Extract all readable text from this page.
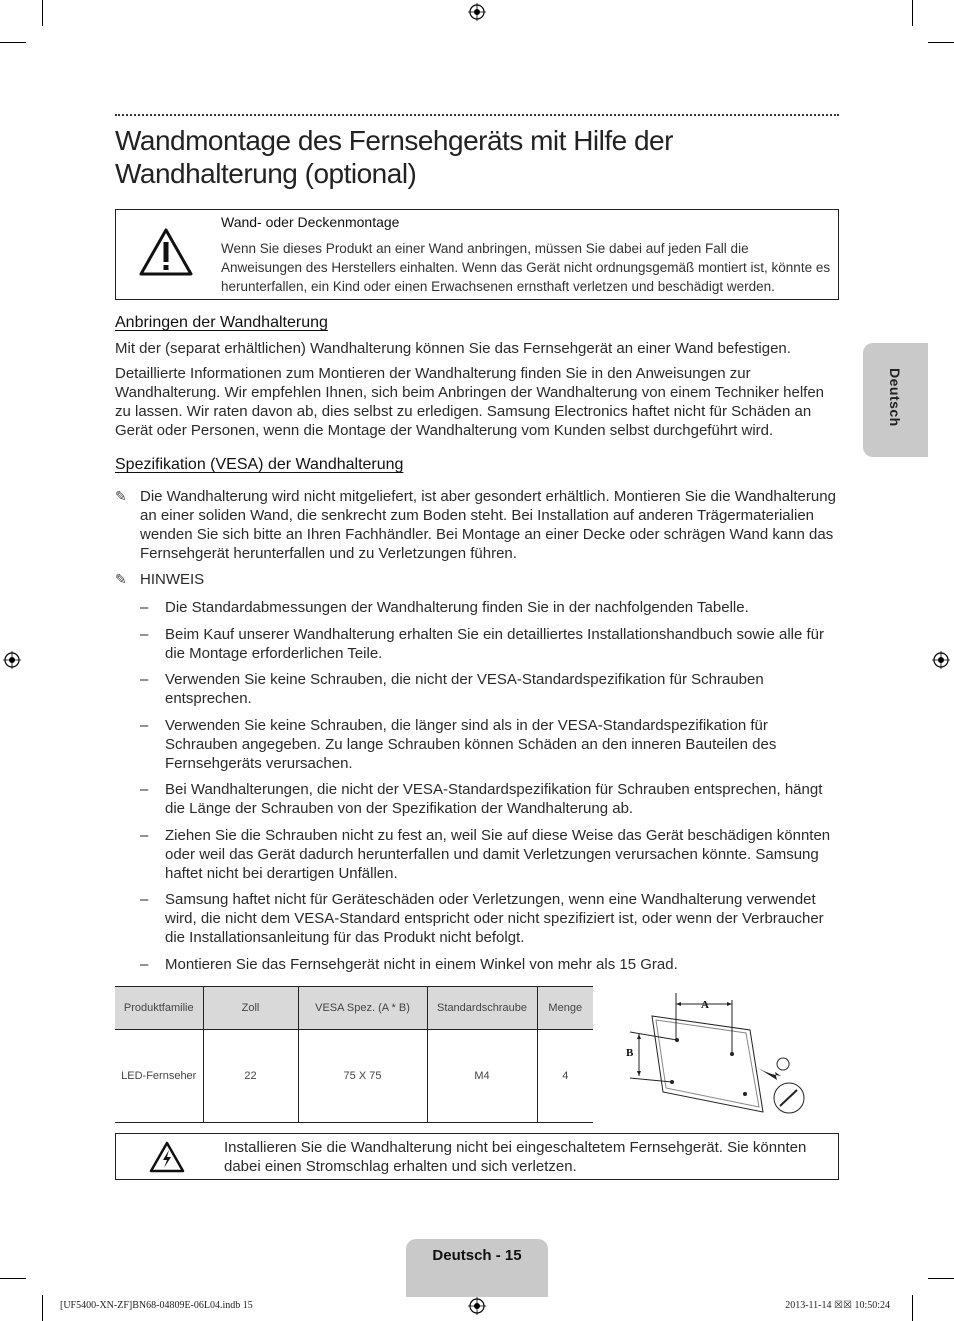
Wandmontage des Fernsehgeräts mit Hilfe der Wandhalterung (optional)
Wand- oder Deckenmontage
Wenn Sie dieses Produkt an einer Wand anbringen, müssen Sie dabei auf jeden Fall die Anweisungen des Herstellers einhalten. Wenn das Gerät nicht ordnungsgemäß montiert ist, könnte es herunterfallen, ein Kind oder einen Erwachsenen ernsthaft verletzen und beschädigt werden.
Anbringen der Wandhalterung

Mit der (separat erhältlichen) Wandhalterung können Sie das Fernsehgerät an einer Wand befestigen.

Detaillierte Informationen zum Montieren der Wandhalterung finden Sie in den Anweisungen zur Wandhalterung. Wir empfehlen Ihnen, sich beim Anbringen der Wandhalterung von einem Techniker helfen zu lassen. Wir raten davon ab, dies selbst zu erledigen. Samsung Electronics haftet nicht für Schäden an Gerät oder Personen, wenn die Montage der Wandhalterung vom Kunden selbst durchgeführt wird.

Spezifikation (VESA) der Wandhalterung
✎ Die Wandhalterung wird nicht mitgeliefert, ist aber gesondert erhältlich. Montieren Sie die Wandhalterung an einer soliden Wand, die senkrecht zum Boden steht. Bei Installation auf anderen Trägermaterialien wenden Sie sich bitte an Ihren Fachhändler. Bei Montage an einer Decke oder schrägen Wand kann das Fernsehgerät herunterfallen und zu Verletzungen führen.
✎ HINWEIS
– Die Standardabmessungen der Wandhalterung finden Sie in der nachfolgenden Tabelle.
– Beim Kauf unserer Wandhalterung erhalten Sie ein detailliertes Installationshandbuch sowie alle für die Montage erforderlichen Teile.
– Verwenden Sie keine Schrauben, die nicht der VESA-Standardspezifikation für Schrauben entsprechen.
– Verwenden Sie keine Schrauben, die länger sind als in der VESA-Standardspezifikation für Schrauben angegeben. Zu lange Schrauben können Schäden an den inneren Bauteilen des Fernsehgeräts verursachen.
– Bei Wandhalterungen, die nicht der VESA-Standardspezifikation für Schrauben entsprechen, hängt die Länge der Schrauben von der Spezifikation der Wandhalterung ab.
– Ziehen Sie die Schrauben nicht zu fest an, weil Sie auf diese Weise das Gerät beschädigen könnten oder weil das Gerät dadurch herunterfallen und damit Verletzungen verursachen könnte. Samsung haftet nicht bei derartigen Unfällen.
– Samsung haftet nicht für Geräteschäden oder Verletzungen, wenn eine Wandhalterung verwendet wird, die nicht dem VESA-Standard entspricht oder nicht spezifiziert ist, oder wenn der Verbraucher die Installationsanleitung für das Produkt nicht befolgt.
– Montieren Sie das Fernsehgerät nicht in einem Winkel von mehr als 15 Grad.
Produktfamilie	Zoll	VESA Spez. (A * B)	Standardschraube	Menge
LED-Fernseher	22	75 X 75	M4	4
A
B
Installieren Sie die Wandhalterung nicht bei eingeschaltetem Fernsehgerät. Sie könnten dabei einen Stromschlag erhalten und sich verletzen.
Deutsch
Deutsch - 15
[UF5400-XN-ZF]BN68-04809E-06L04.indb 15	2013-11-14 ☒☒ 10:50:24
